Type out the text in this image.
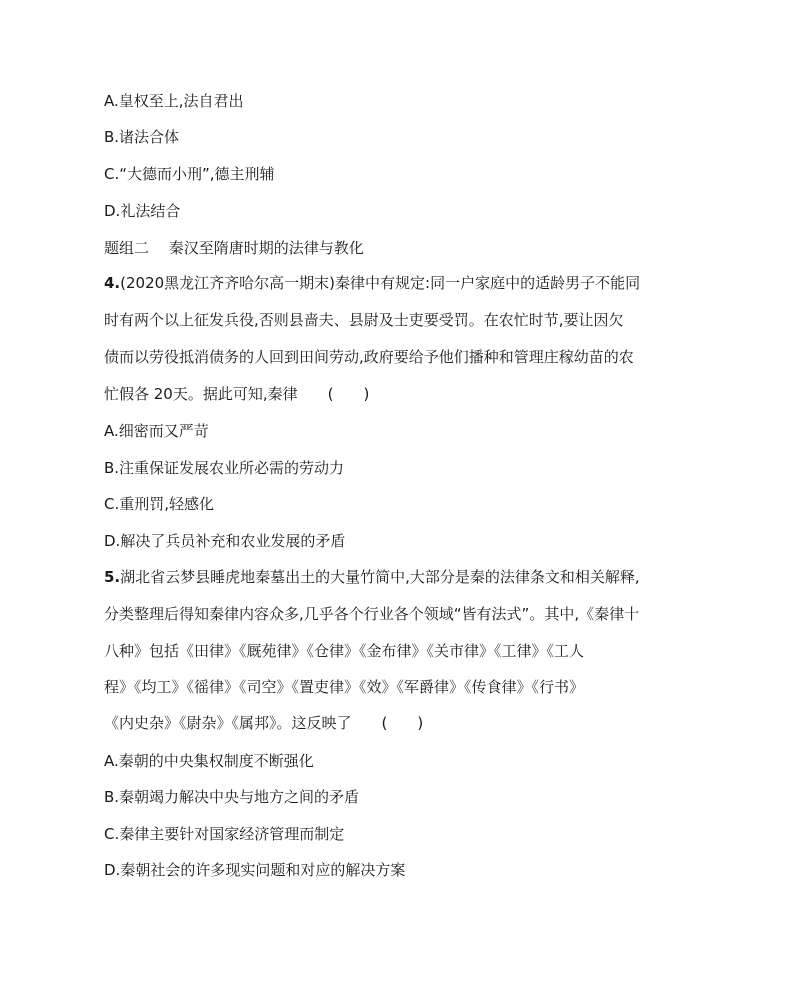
A.皇权至上,法自君出
B.诸法合体
C.“大德而小刑”,德主刑辅
D.礼法结合
题组二　 秦汉至隋唐时期的法律与教化
4.(2020黑龙江齐齐哈尔高一期末)秦律中有规定:同一户家庭中的适龄男子不能同
时有两个以上征发兵役,否则县啬夫、县尉及士吏要受罚。在农忙时节,要让因欠
债而以劳役抵消债务的人回到田间劳动,政府要给予他们播种和管理庄稼幼苗的农
忙假各 20天。据此可知,秦律 (　　)
A.细密而又严苛
B.注重保证发展农业所必需的劳动力
C.重刑罚,轻感化
D.解决了兵员补充和农业发展的矛盾
5.湖北省云梦县睡虎地秦墓出土的大量竹简中,大部分是秦的法律条文和相关解释,
分类整理后得知秦律内容众多,几乎各个行业各个领域“皆有法式”。其中,《秦律十
八种》包括《田律》《厩苑律》《仓律》《金布律》《关市律》《工律》《工人
程》《均工》《徭律》《司空》《置吏律》《效》《军爵律》《传食律》《行书》
《内史杂》《尉杂》《属邦》。这反映了 (　　)
A.秦朝的中央集权制度不断强化
B.秦朝竭力解决中央与地方之间的矛盾
C.秦律主要针对国家经济管理而制定
D.秦朝社会的许多现实问题和对应的解决方案
